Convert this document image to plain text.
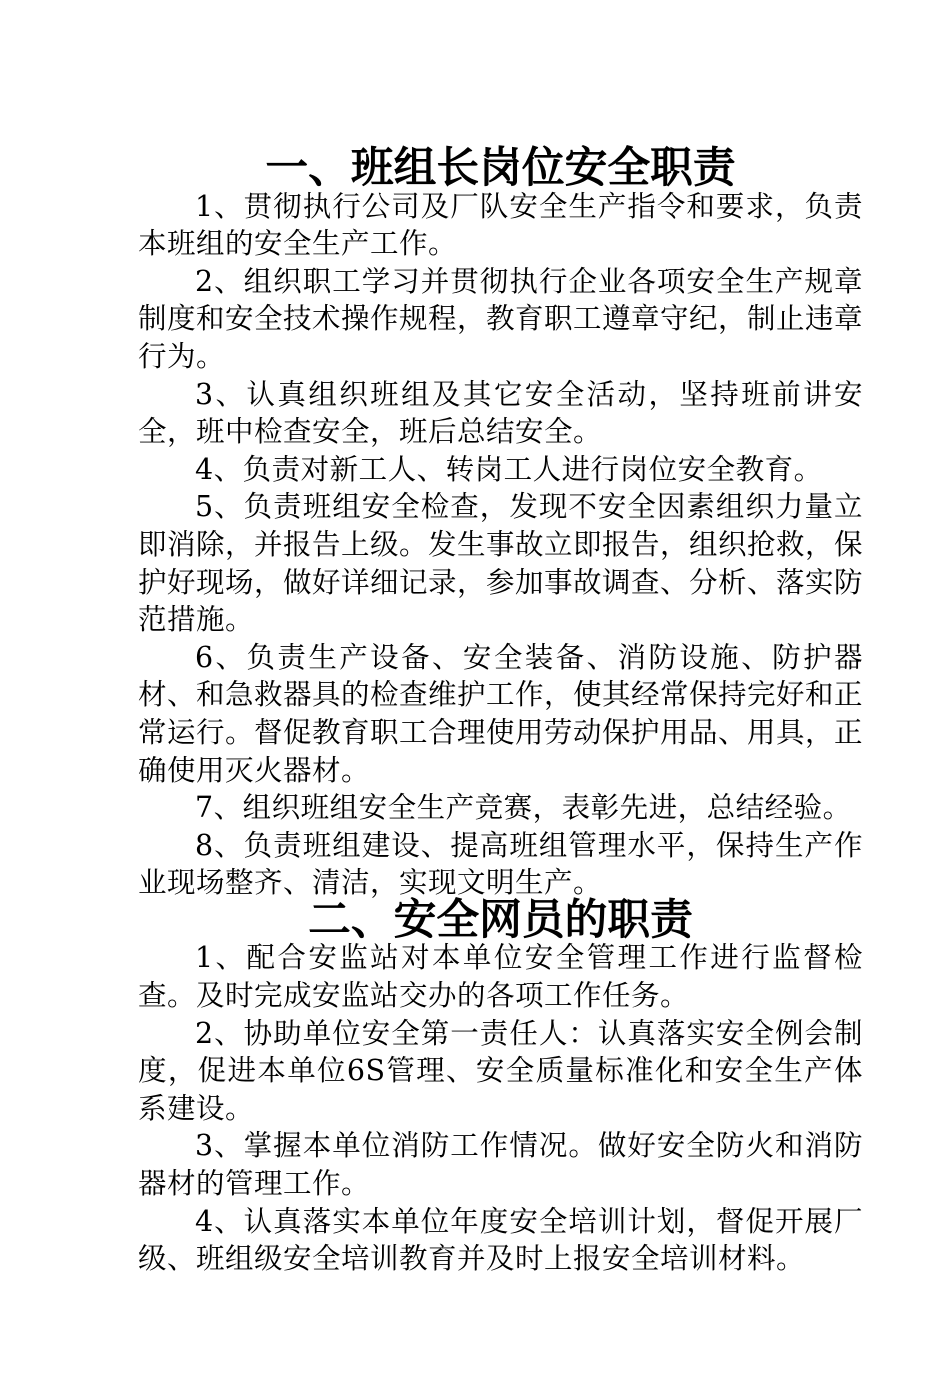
一、班组长岗位安全职责

1、贯彻执行公司及厂队安全生产指令和要求，负责本班组的安全生产工作。

2、组织职工学习并贯彻执行企业各项安全生产规章制度和安全技术操作规程，教育职工遵章守纪，制止违章行为。

3、认真组织班组及其它安全活动，坚持班前讲安全，班中检查安全，班后总结安全。

4、负责对新工人、转岗工人进行岗位安全教育。

5、负责班组安全检查，发现不安全因素组织力量立即消除，并报告上级。发生事故立即报告，组织抢救，保护好现场，做好详细记录，参加事故调查、分析、落实防范措施。

6、负责生产设备、安全装备、消防设施、防护器材、和急救器具的检查维护工作，使其经常保持完好和正常运行。督促教育职工合理使用劳动保护用品、用具，正确使用灭火器材。

7、组织班组安全生产竞赛，表彰先进，总结经验。

8、负责班组建设、提高班组管理水平，保持生产作业现场整齐、清洁，实现文明生产。

二、安全网员的职责

1、配合安监站对本单位安全管理工作进行监督检查。及时完成安监站交办的各项工作任务。

2、协助单位安全第一责任人：认真落实安全例会制度，促进本单位6S管理、安全质量标准化和安全生产体系建设。

3、掌握本单位消防工作情况。做好安全防火和消防器材的管理工作。

4、认真落实本单位年度安全培训计划，督促开展厂级、班组级安全培训教育并及时上报安全培训材料。
